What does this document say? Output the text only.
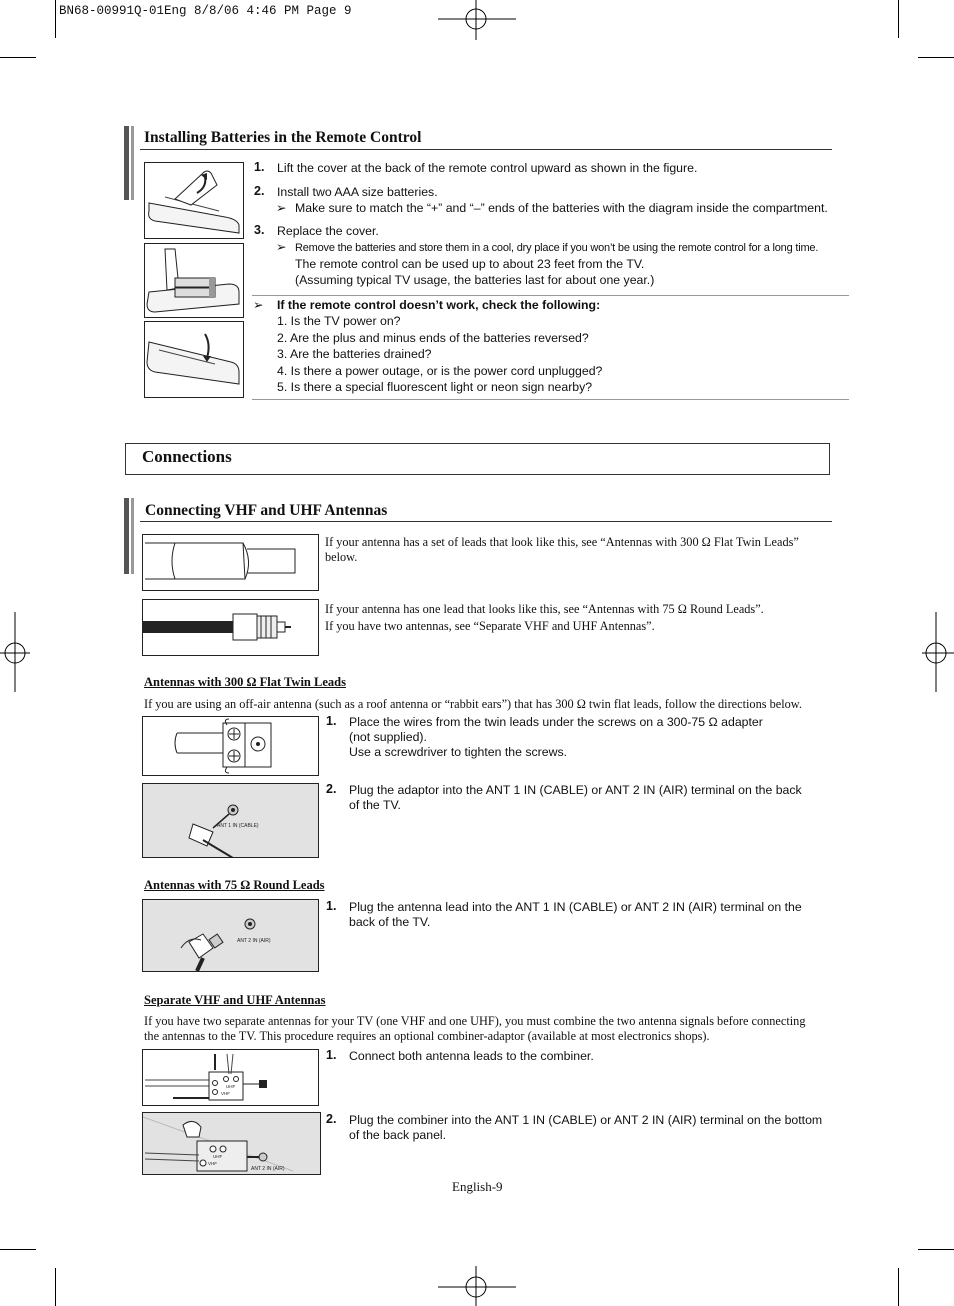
BN68-00991Q-01Eng 8/8/06 4:46 PM Page 9
Installing Batteries in the Remote Control
1. Lift the cover at the back of the remote control upward as shown in the figure.
2. Install two AAA size batteries.
➢ Make sure to match the “+” and “–” ends of the batteries with the diagram inside the compartment.
3. Replace the cover.
➢ Remove the batteries and store them in a cool, dry place if you won’t be using the remote control for a long time.
The remote control can be used up to about 23 feet from the TV.
(Assuming typical TV usage, the batteries last for about one year.)
➢ If the remote control doesn’t work, check the following:
1. Is the TV power on?
2. Are the plus and minus ends of the batteries reversed?
3. Are the batteries drained?
4. Is there a power outage, or is the power cord unplugged?
5. Is there a special fluorescent light or neon sign nearby?
Connections
Connecting VHF and UHF Antennas
If your antenna has a set of leads that look like this, see “Antennas with 300 Ω Flat Twin Leads” below.
If your antenna has one lead that looks like this, see “Antennas with 75 Ω Round Leads”.
If you have two antennas, see “Separate VHF and UHF Antennas”.
Antennas with 300 Ω Flat Twin Leads
If you are using an off-air antenna (such as a roof antenna or “rabbit ears”) that has 300 Ω twin flat leads, follow the directions below.
1. Place the wires from the twin leads under the screws on a 300-75 Ω adapter
(not supplied).
Use a screwdriver to tighten the screws.
ANT 1 IN (CABLE)
2. Plug the adaptor into the ANT 1 IN (CABLE) or ANT 2 IN (AIR) terminal on the back
of the TV.
Antennas with 75 Ω Round Leads
ANT 2 IN (AIR)
1. Plug the antenna lead into the ANT 1 IN (CABLE) or ANT 2 IN (AIR) terminal on the
back of the TV.
Separate VHF and UHF Antennas
If you have two separate antennas for your TV (one VHF and one UHF), you must combine the two antenna signals before connecting
the antennas to the TV. This procedure requires an optional combiner-adaptor (available at most electronics shops).
UHF
VHF
1. Connect both antenna leads to the combiner.
UHF
VHF
ANT 2 IN (AIR)
2. Plug the combiner into the ANT 1 IN (CABLE) or ANT 2 IN (AIR) terminal on the bottom
of the back panel.
English-9
